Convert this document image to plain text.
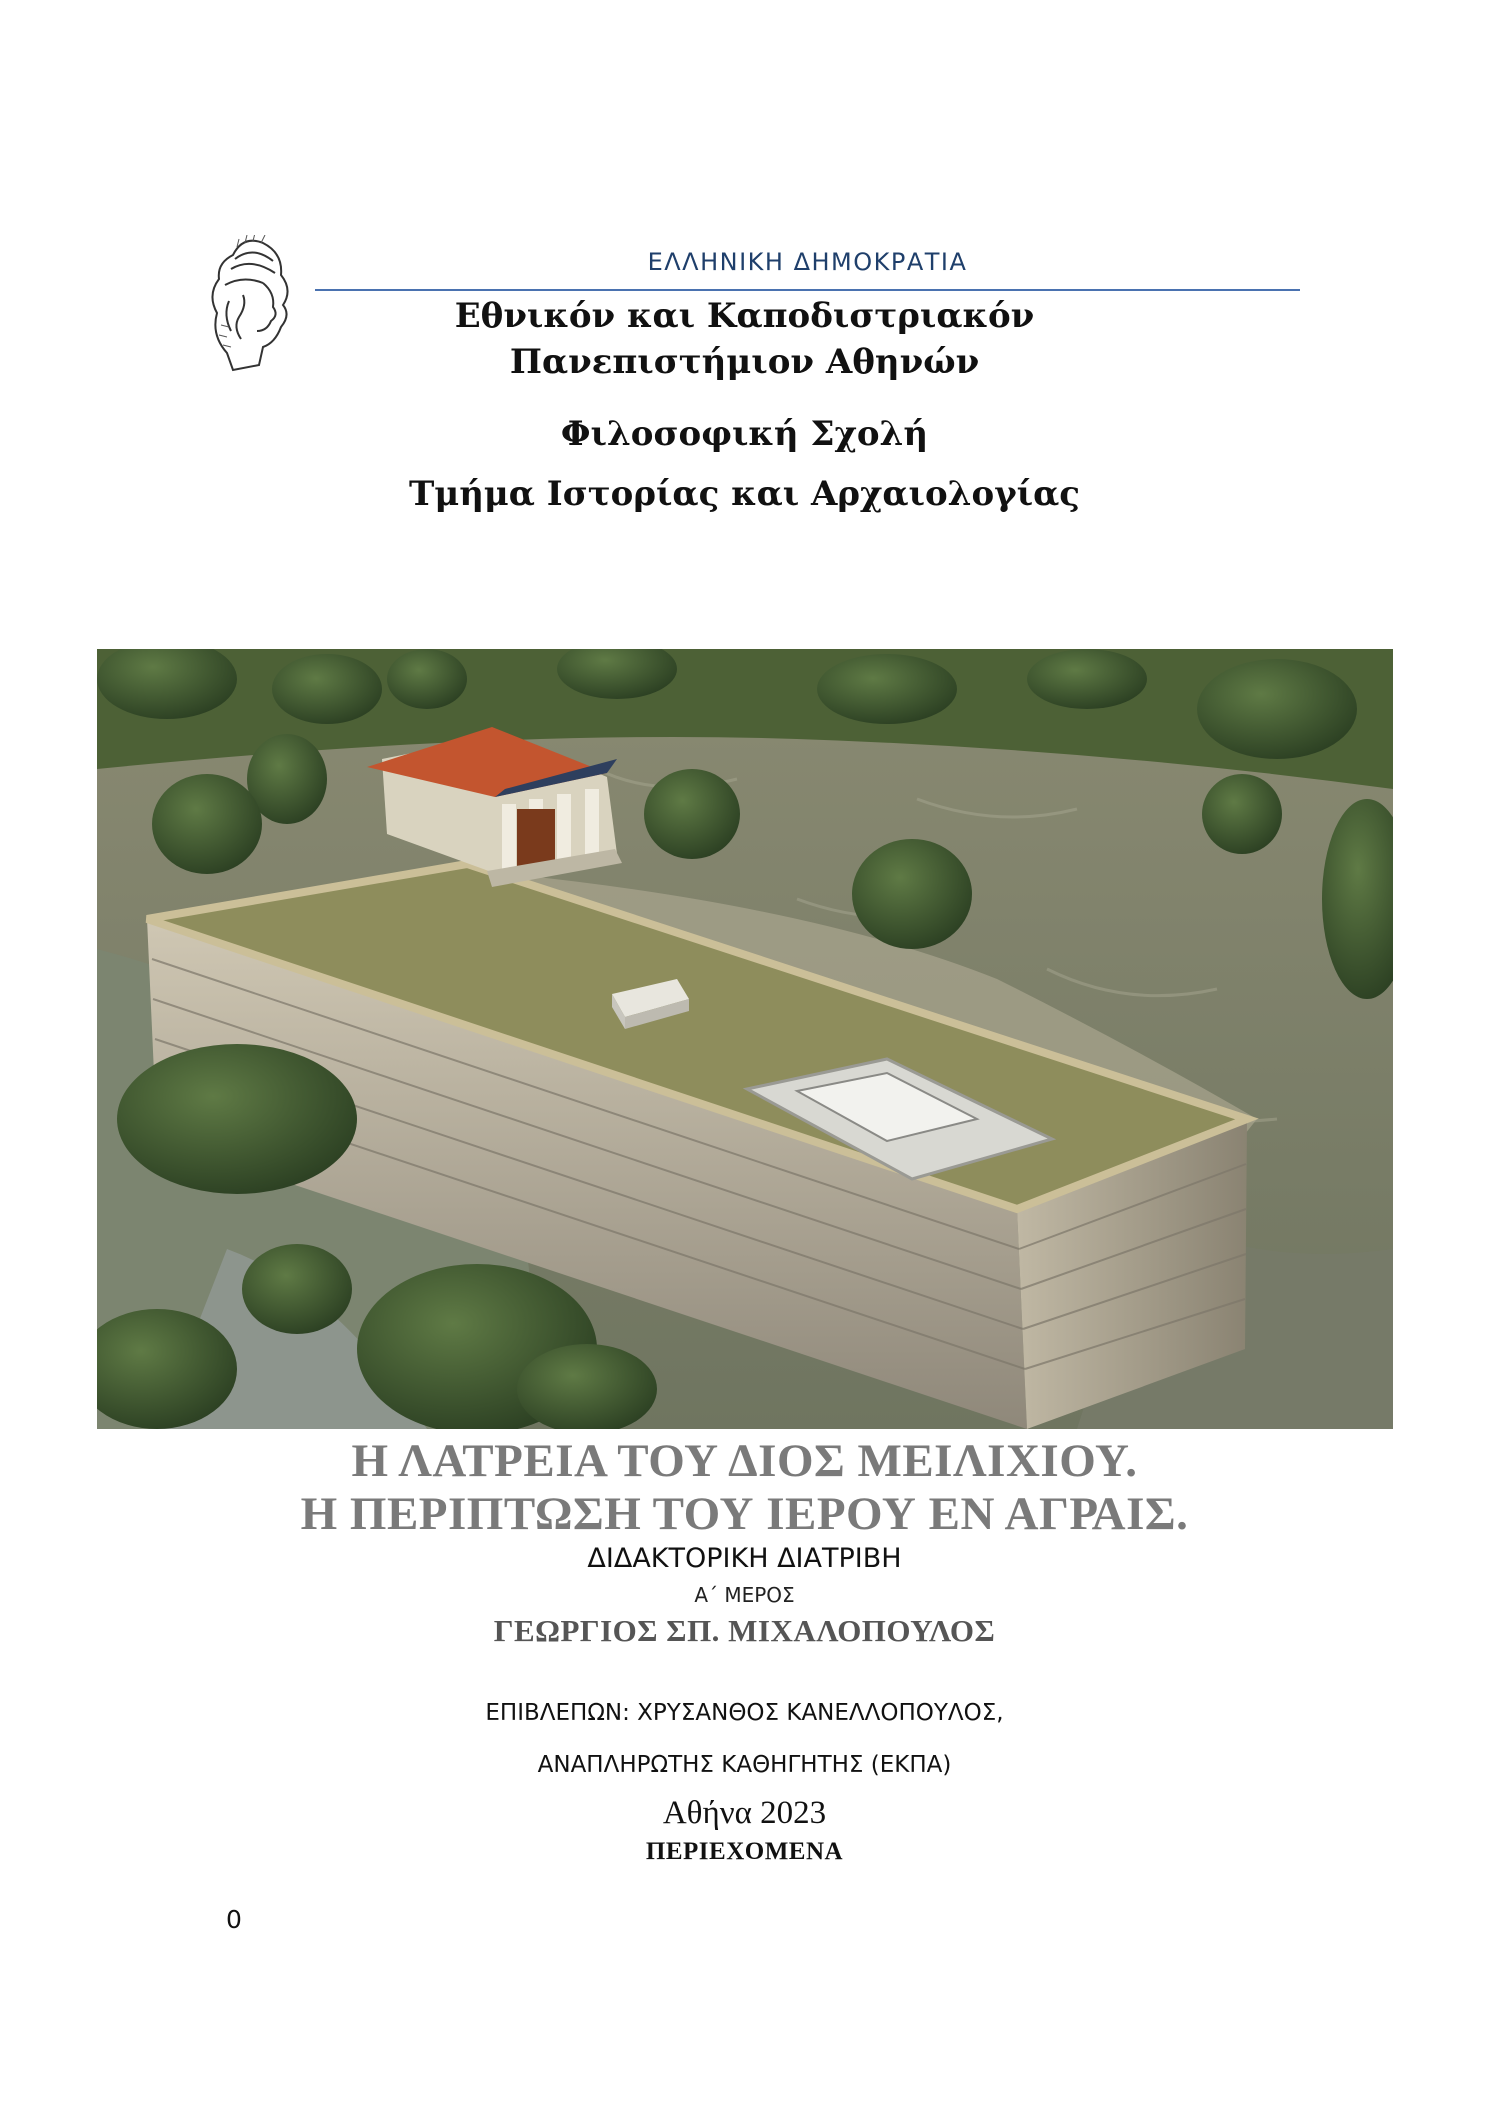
ΕΛΛΗΝΙΚΗ ΔΗΜΟΚΡΑΤΙΑ
Εθνικόν και Καποδιστριακόν
Πανεπιστήμιον Αθηνών
Φιλοσοφική Σχολή
Τμήμα Ιστορίας και Αρχαιολογίας
Η ΛΑΤΡΕΙΑ ΤΟΥ ΔΙΟΣ ΜΕΙΛΙΧΙΟΥ.
Η ΠΕΡΙΠΤΩΣΗ ΤΟΥ ΙΕΡΟΥ ΕΝ ΑΓΡΑΙΣ.
ΔΙΔΑΚΤΟΡΙΚΗ ΔΙΑΤΡΙΒΗ
Α΄ ΜΕΡΟΣ
ΓΕΩΡΓΙΟΣ ΣΠ. ΜΙΧΑΛΟΠΟΥΛΟΣ
ΕΠΙΒΛΕΠΩΝ: ΧΡΥΣΑΝΘΟΣ ΚΑΝΕΛΛΟΠΟΥΛΟΣ,
ΑΝΑΠΛΗΡΩΤΗΣ ΚΑΘΗΓΗΤΗΣ (ΕΚΠΑ)
Αθήνα 2023
ΠΕΡΙΕΧΟΜΕΝΑ
0
